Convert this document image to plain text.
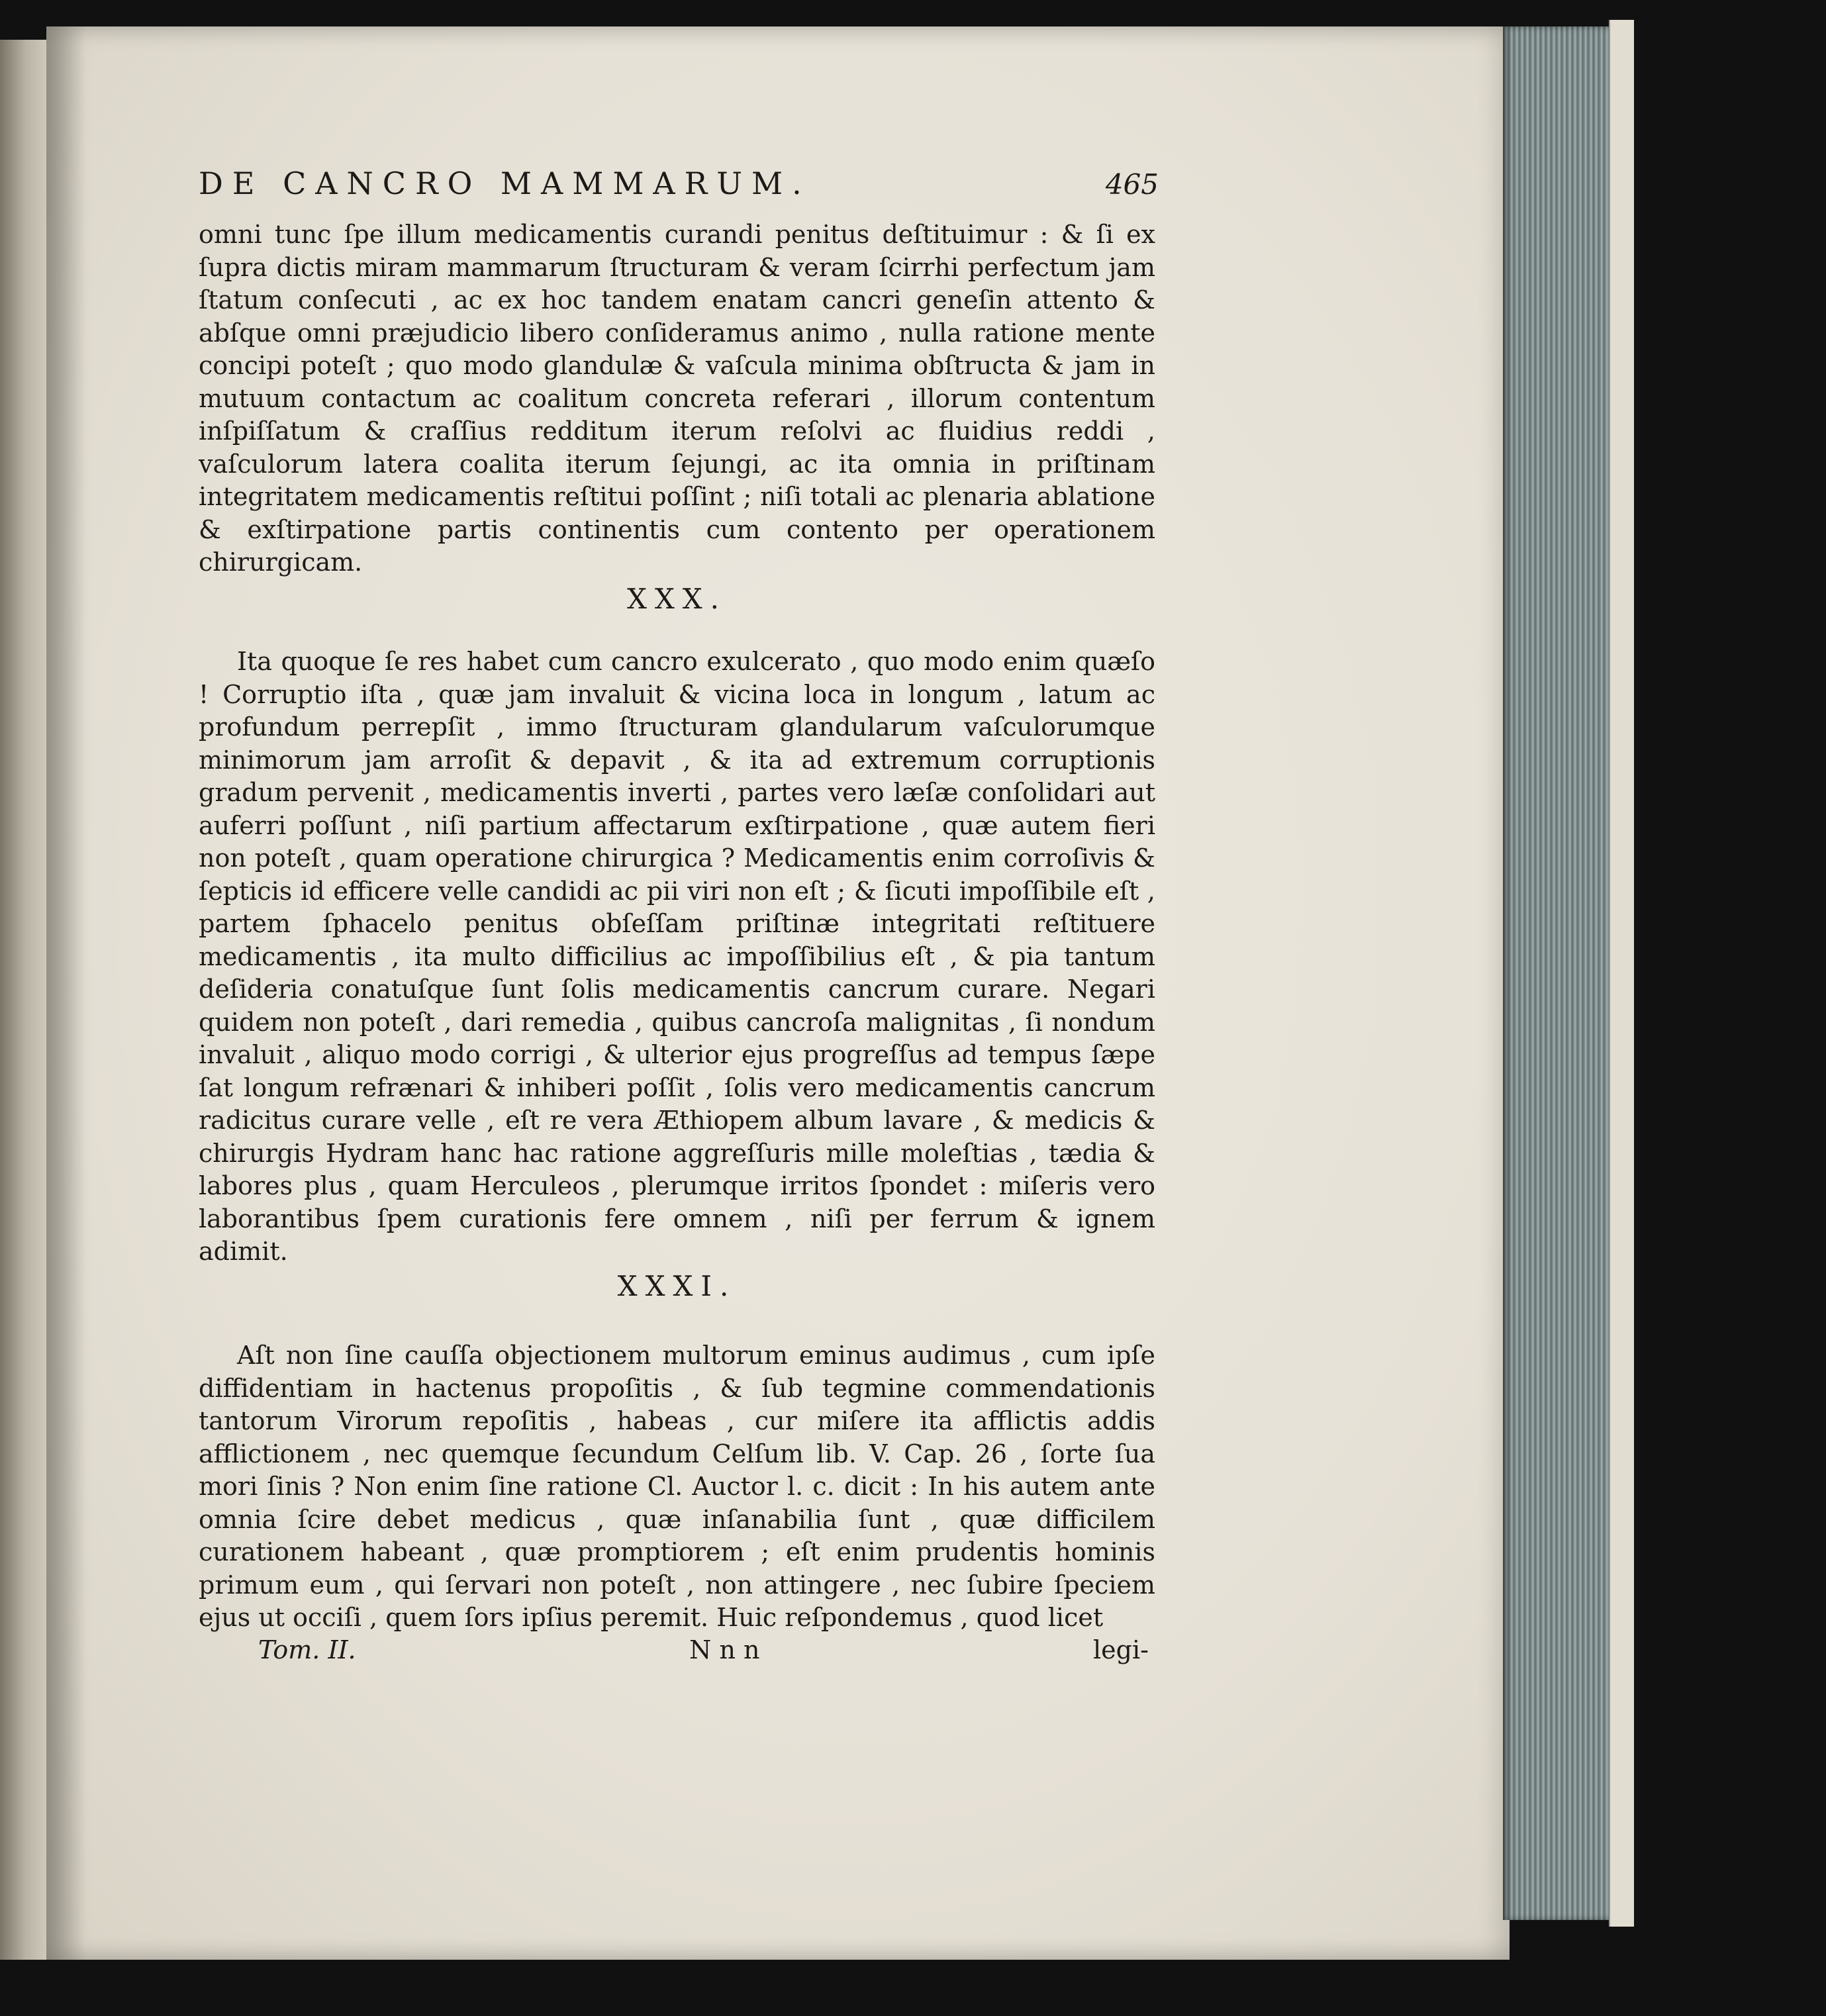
DE CANCRO MAMMARUM.	465

omni tunc ſpe illum medicamentis curandi penitus deſtituimur : & ſi ex ſupra dictis miram mammarum ſtructuram & veram ſcirrhi perfectum jam ſtatum conſecuti , ac ex hoc tandem enatam cancri geneſin attento & abſque omni præjudicio libero conſideramus animo , nulla ratione mente concipi poteſt ; quo modo glandulæ & vaſcula minima obſtructa & jam in mutuum contactum ac coalitum concreta referari , illorum contentum inſpiſſatum & craſſius redditum iterum reſolvi ac fluidius reddi , vaſculorum latera coalita iterum ſejungi, ac ita omnia in priſtinam integritatem medicamentis reſtitui poſſint ; niſi totali ac plenaria ablatione & exſtirpatione partis continentis cum contento per operationem chirurgicam.

XXX.

Ita quoque ſe res habet cum cancro exulcerato , quo modo enim quæſo ! Corruptio iſta , quæ jam invaluit & vicina loca in longum , latum ac profundum perrepſit , immo ſtructuram glandularum vaſculorumque minimorum jam arroſit & depavit , & ita ad extremum corruptionis gradum pervenit , medicamentis inverti , partes vero læſæ conſolidari aut auferri poſſunt , niſi partium affectarum exſtirpatione , quæ autem fieri non poteſt , quam operatione chirurgica ? Medicamentis enim corroſivis & ſepticis id efficere velle candidi ac pii viri non eſt ; & ſicuti impoſſibile eſt , partem ſphacelo penitus obſeſſam priſtinæ integritati reſtituere medicamentis , ita multo difficilius ac impoſſibilius eſt , & pia tantum deſideria conatuſque ſunt ſolis medicamentis cancrum curare. Negari quidem non poteſt , dari remedia , quibus cancroſa malignitas , ſi nondum invaluit , aliquo modo corrigi , & ulterior ejus progreſſus ad tempus ſæpe ſat longum refrænari & inhiberi poſſit , ſolis vero medicamentis cancrum radicitus curare velle , eſt re vera Æthiopem album lavare , & medicis & chirurgis Hydram hanc hac ratione aggreſſuris mille moleſtias , tædia & labores plus , quam Herculeos , plerumque irritos ſpondet : miſeris vero laborantibus ſpem curationis fere omnem , niſi per ferrum & ignem adimit.

XXXI.

Aſt non ſine cauſſa objectionem multorum eminus audimus , cum ipſe diffidentiam in hactenus propoſitis , & ſub tegmine commendationis tantorum Virorum repoſitis , habeas , cur miſere ita afflictis addis afflictionem , nec quemque ſecundum Celſum lib. V. Cap. 26 , ſorte ſua mori ſinis ? Non enim ſine ratione Cl. Auctor l. c. dicit : In his autem ante omnia ſcire debet medicus , quæ inſanabilia ſunt , quæ difficilem curationem habeant , quæ promptiorem ; eſt enim prudentis hominis primum eum , qui ſervari non poteſt , non attingere , nec ſubire ſpeciem ejus ut occiſi , quem ſors ipſius peremit. Huic reſpondemus , quod licet

Tom. II.	N n n	legi-
